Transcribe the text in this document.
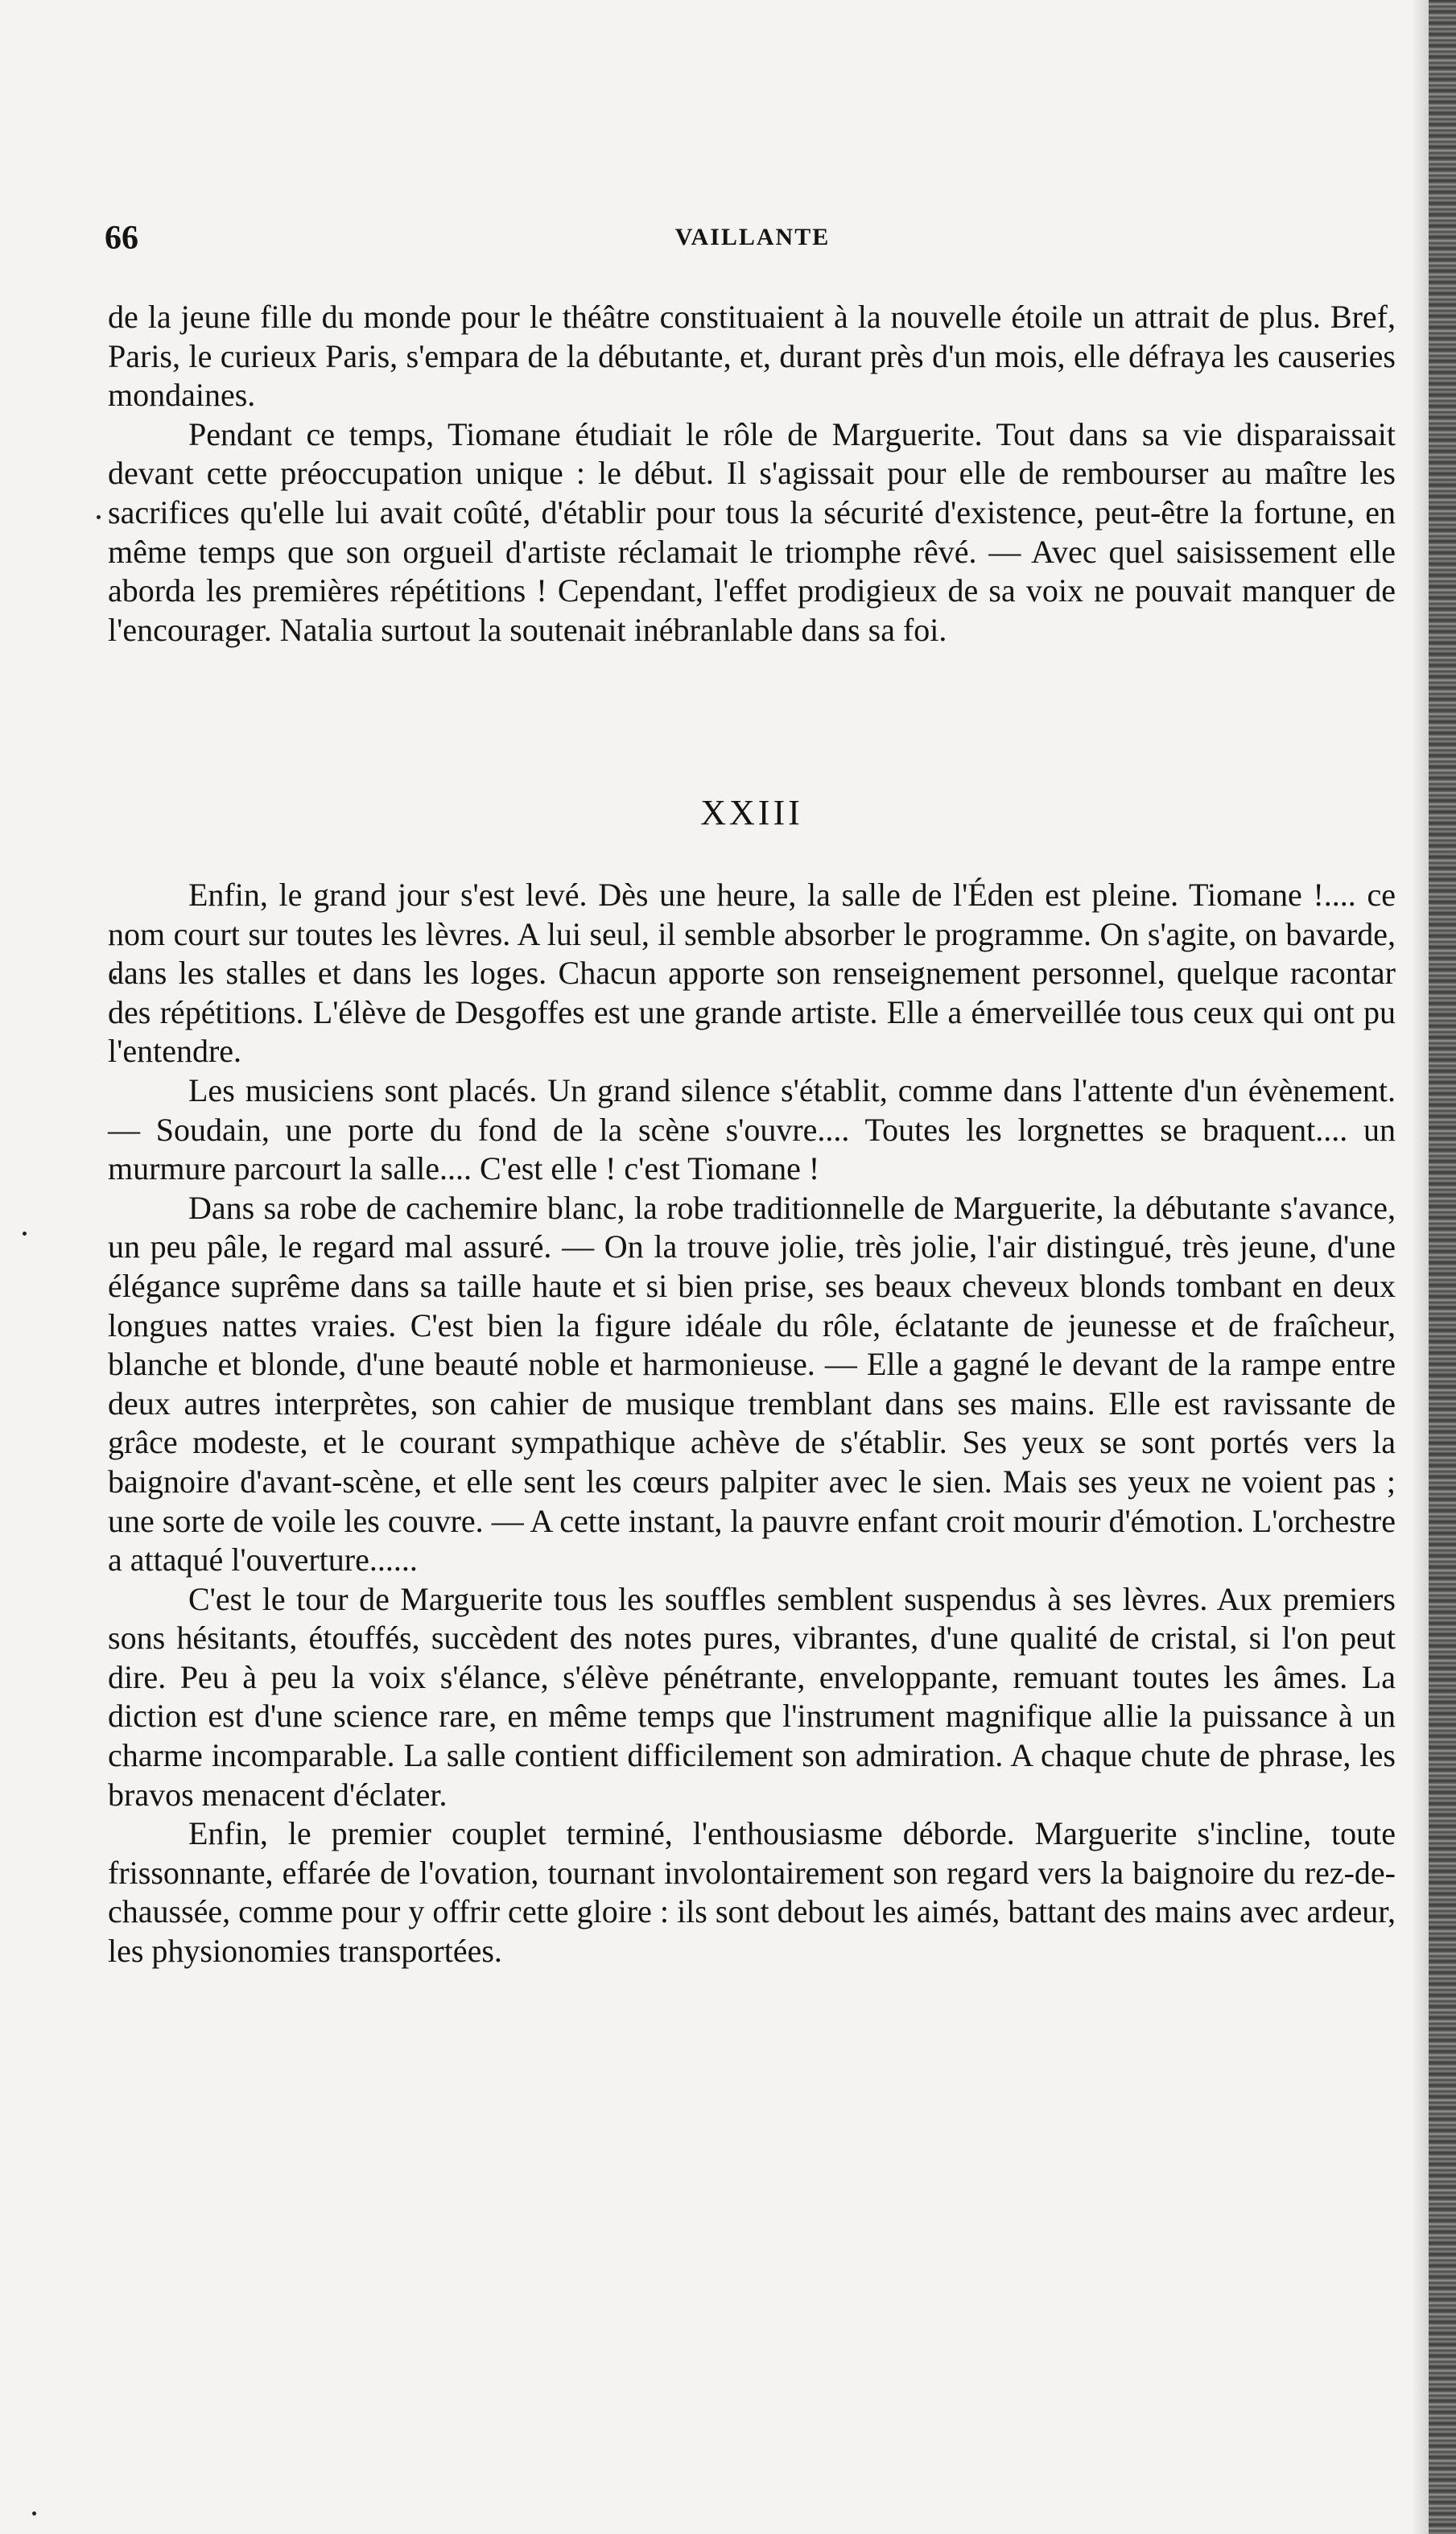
66	VAILLANTE

de la jeune fille du monde pour le théâtre constituaient à la nouvelle étoile un attrait de plus. Bref, Paris, le curieux Paris, s'empara de la débutante, et, durant près d'un mois, elle défraya les causeries mondaines.

Pendant ce temps, Tiomane étudiait le rôle de Marguerite. Tout dans sa vie disparaissait devant cette préoccupation unique : le début. Il s'agissait pour elle de rembourser au maître les sacrifices qu'elle lui avait coûté, d'établir pour tous la sécurité d'existence, peut-être la fortune, en même temps que son orgueil d'artiste réclamait le triomphe rêvé. — Avec quel saisissement elle aborda les premières répétitions ! Cependant, l'effet prodigieux de sa voix ne pouvait manquer de l'encourager. Natalia surtout la soutenait inébranlable dans sa foi.

XXIII

Enfin, le grand jour s'est levé. Dès une heure, la salle de l'Éden est pleine. Tiomane !.... ce nom court sur toutes les lèvres. A lui seul, il semble absorber le programme. On s'agite, on bavarde, dans les stalles et dans les loges. Chacun apporte son renseignement personnel, quelque racontar des répétitions. L'élève de Desgoffes est une grande artiste. Elle a émerveillée tous ceux qui ont pu l'entendre.

Les musiciens sont placés. Un grand silence s'établit, comme dans l'attente d'un évènement. — Soudain, une porte du fond de la scène s'ouvre.... Toutes les lorgnettes se braquent.... un murmure parcourt la salle.... C'est elle ! c'est Tiomane !

Dans sa robe de cachemire blanc, la robe traditionnelle de Marguerite, la débutante s'avance, un peu pâle, le regard mal assuré. — On la trouve jolie, très jolie, l'air distingué, très jeune, d'une élégance suprême dans sa taille haute et si bien prise, ses beaux cheveux blonds tombant en deux longues nattes vraies. C'est bien la figure idéale du rôle, éclatante de jeunesse et de fraîcheur, blanche et blonde, d'une beauté noble et harmonieuse. — Elle a gagné le devant de la rampe entre deux autres interprètes, son cahier de musique tremblant dans ses mains. Elle est ravissante de grâce modeste, et le courant sympathique achève de s'établir. Ses yeux se sont portés vers la baignoire d'avant-scène, et elle sent les cœurs palpiter avec le sien. Mais ses yeux ne voient pas ; une sorte de voile les couvre. — A cette instant, la pauvre enfant croit mourir d'émotion. L'orchestre a attaqué l'ouverture......

C'est le tour de Marguerite tous les souffles semblent suspendus à ses lèvres. Aux premiers sons hésitants, étouffés, succèdent des notes pures, vibrantes, d'une qualité de cristal, si l'on peut dire. Peu à peu la voix s'élance, s'élève pénétrante, enveloppante, remuant toutes les âmes. La diction est d'une science rare, en même temps que l'instrument magnifique allie la puissance à un charme incomparable. La salle contient difficilement son admiration. A chaque chute de phrase, les bravos menacent d'éclater.

Enfin, le premier couplet terminé, l'enthousiasme déborde. Marguerite s'incline, toute frissonnante, effarée de l'ovation, tournant involontairement son regard vers la baignoire du rez-de-chaussée, comme pour y offrir cette gloire : ils sont debout les aimés, battant des mains avec ardeur, les physionomies transportées.
